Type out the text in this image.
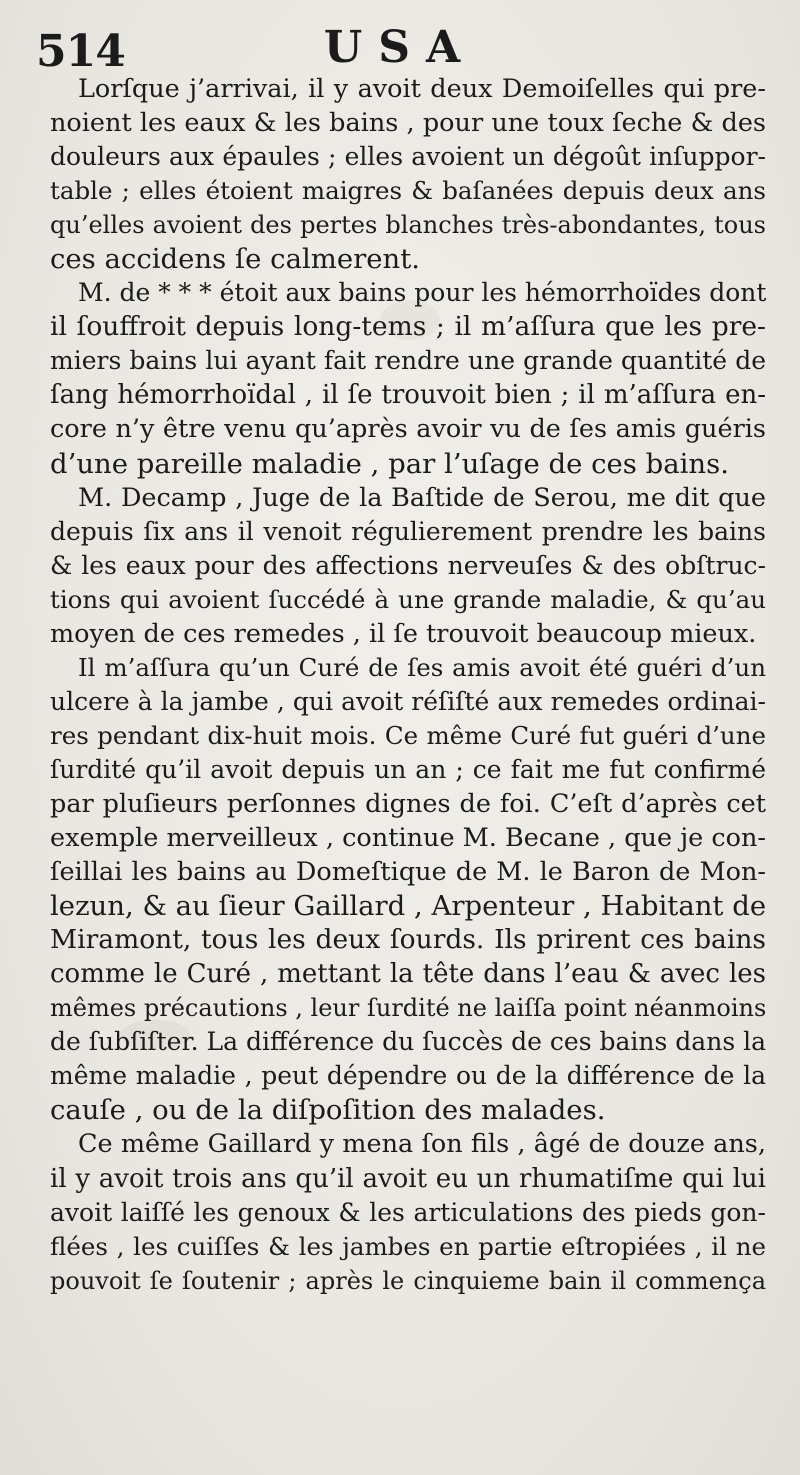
514	USA
Lorſque j’arrivai, il y avoit deux Demoiſelles qui pre-
noient les eaux & les bains , pour une toux ſeche & des
douleurs aux épaules ; elles avoient un dégoût inſuppor-
table ; elles étoient maigres & baſanées depuis deux ans
qu’elles avoient des pertes blanches très-abondantes, tous
ces accidens ſe calmerent.
M. de * * * étoit aux bains pour les hémorrhoïdes dont
il ſouffroit depuis long-tems ; il m’aſſura que les pre-
miers bains lui ayant fait rendre une grande quantité de
ſang hémorrhoïdal , il ſe trouvoit bien ; il m’aſſura en-
core n’y être venu qu’après avoir vu de ſes amis guéris
d’une pareille maladie , par l’uſage de ces bains.
M. Decamp , Juge de la Baſtide de Serou, me dit que
depuis ſix ans il venoit régulierement prendre les bains
& les eaux pour des affections nerveuſes & des obſtruc-
tions qui avoient ſuccédé à une grande maladie, & qu’au
moyen de ces remedes , il ſe trouvoit beaucoup mieux.
Il m’aſſura qu’un Curé de ſes amis avoit été guéri d’un
ulcere à la jambe , qui avoit réſiſté aux remedes ordinai-
res pendant dix-huit mois. Ce même Curé fut guéri d’une
ſurdité qu’il avoit depuis un an ; ce fait me fut confirmé
par pluſieurs perſonnes dignes de foi. C’eſt d’après cet
exemple merveilleux , continue M. Becane , que je con-
ſeillai les bains au Domeſtique de M. le Baron de Mon-
lezun, & au ſieur Gaillard , Arpenteur , Habitant de
Miramont, tous les deux ſourds. Ils prirent ces bains
comme le Curé , mettant la tête dans l’eau & avec les
mêmes précautions , leur ſurdité ne laiſſa point néanmoins
de ſubſiſter. La différence du ſuccès de ces bains dans la
même maladie , peut dépendre ou de la différence de la
cauſe , ou de la diſpoſition des malades.
Ce même Gaillard y mena ſon fils , âgé de douze ans,
il y avoit trois ans qu’il avoit eu un rhumatiſme qui lui
avoit laiſſé les genoux & les articulations des pieds gon-
flées , les cuiſſes & les jambes en partie eſtropiées , il ne
pouvoit ſe ſoutenir ; après le cinquieme bain il commença
